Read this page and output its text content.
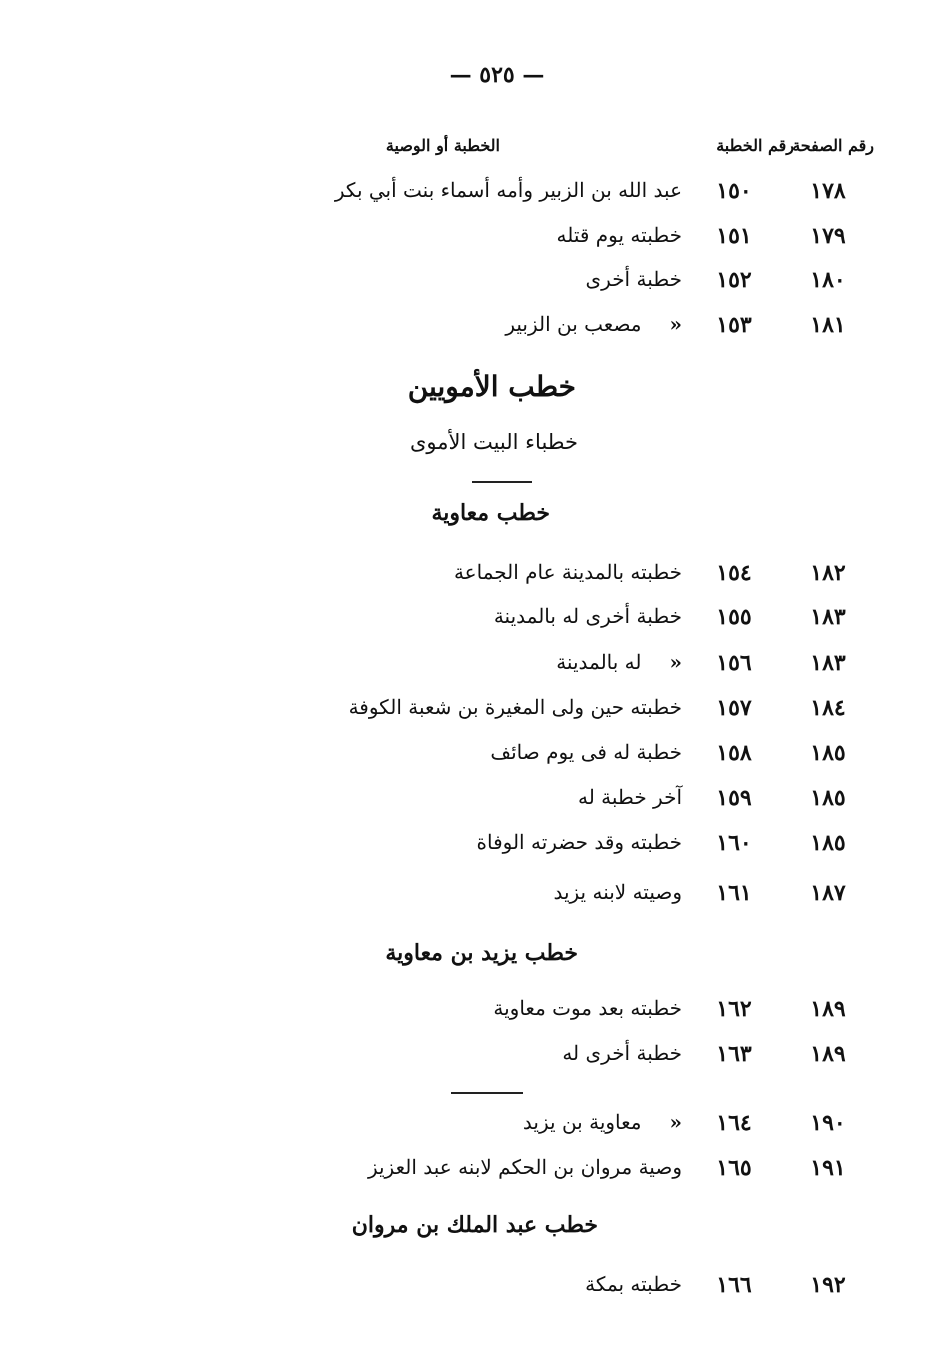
— ٥٢٥ —
رقم الصفحة
رقم الخطبة
الخطبة أو الوصية
١٧٨
١٥٠
عبد الله بن الزبير وأمه أسماء بنت أبي بكر
١٧٩
١٥١
خطبته يوم قتله
١٨٠
١٥٢
خطبة أخرى
١٨١
١٥٣
«مصعب بن الزبير
خطب الأمويين
خطباء البيت الأموى
خطب معاوية
١٨٢
١٥٤
خطبته بالمدينة عام الجماعة
١٨٣
١٥٥
خطبة أخرى له بالمدينة
١٨٣
١٥٦
«له بالمدينة
١٨٤
١٥٧
خطبته حين ولى المغيرة بن شعبة الكوفة
١٨٥
١٥٨
خطبة له فى يوم صائف
١٨٥
١٥٩
آخر خطبة له
١٨٥
١٦٠
خطبته وقد حضرته الوفاة
١٨٧
١٦١
وصيته لابنه يزيد
خطب يزيد بن معاوية
١٨٩
١٦٢
خطبته بعد موت معاوية
١٨٩
١٦٣
خطبة أخرى له
١٩٠
١٦٤
«معاوية بن يزيد
١٩١
١٦٥
وصية مروان بن الحكم لابنه عبد العزيز
خطب عبد الملك بن مروان
١٩٢
١٦٦
خطبته بمكة
